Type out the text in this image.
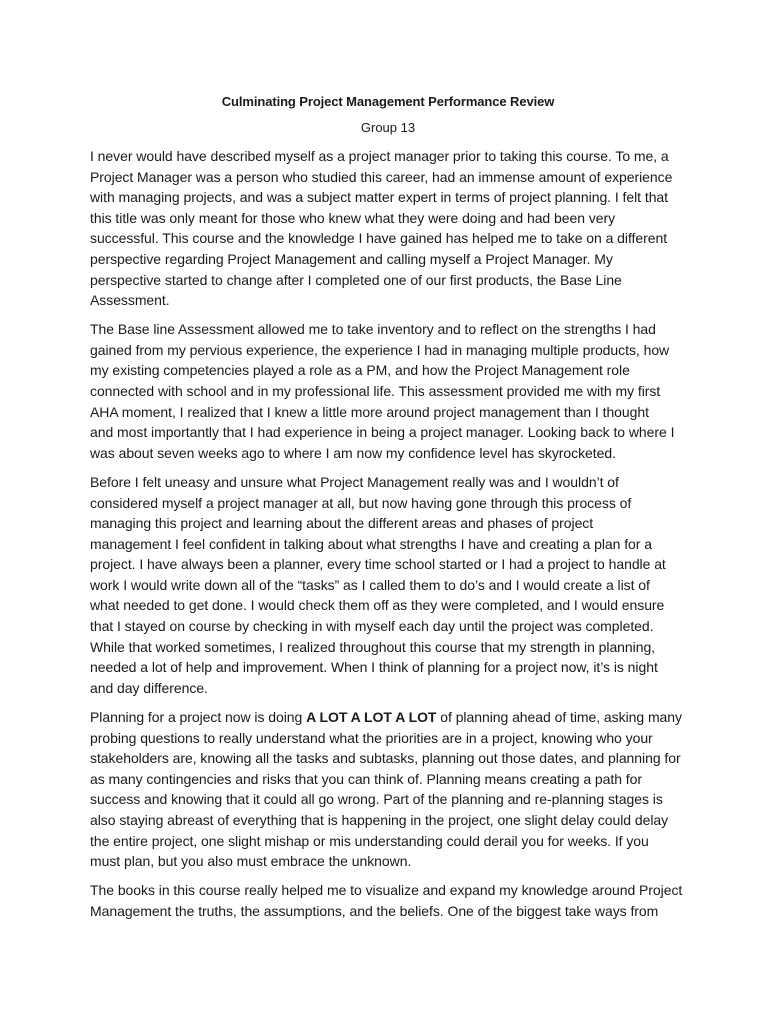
Culminating Project Management Performance Review
Group 13
I never would have described myself as a project manager prior to taking this course. To me, a
Project Manager was a person who studied this career, had an immense amount of experience
with managing projects, and was a subject matter expert in terms of project planning. I felt that
this title was only meant for those who knew what they were doing and had been very
successful. This course and the knowledge I have gained has helped me to take on a different
perspective regarding Project Management and calling myself a Project Manager. My
perspective started to change after I completed one of our first products, the Base Line
Assessment.
The Base line Assessment allowed me to take inventory and to reflect on the strengths I had
gained from my pervious experience, the experience I had in managing multiple products, how
my existing competencies played a role as a PM, and how the Project Management role
connected with school and in my professional life. This assessment provided me with my first
AHA moment, I realized that I knew a little more around project management than I thought
and most importantly that I had experience in being a project manager. Looking back to where I
was about seven weeks ago to where I am now my confidence level has skyrocketed.
Before I felt uneasy and unsure what Project Management really was and I wouldn’t of
considered myself a project manager at all, but now having gone through this process of
managing this project and learning about the different areas and phases of project
management I feel confident in talking about what strengths I have and creating a plan for a
project. I have always been a planner, every time school started or I had a project to handle at
work I would write down all of the “tasks” as I called them to do’s and I would create a list of
what needed to get done. I would check them off as they were completed, and I would ensure
that I stayed on course by checking in with myself each day until the project was completed.
While that worked sometimes, I realized throughout this course that my strength in planning,
needed a lot of help and improvement. When I think of planning for a project now, it’s is night
and day difference.
Planning for a project now is doing A LOT A LOT A LOT of planning ahead of time, asking many
probing questions to really understand what the priorities are in a project, knowing who your
stakeholders are, knowing all the tasks and subtasks, planning out those dates, and planning for
as many contingencies and risks that you can think of. Planning means creating a path for
success and knowing that it could all go wrong. Part of the planning and re-planning stages is
also staying abreast of everything that is happening in the project, one slight delay could delay
the entire project, one slight mishap or mis understanding could derail you for weeks. If you
must plan, but you also must embrace the unknown.
The books in this course really helped me to visualize and expand my knowledge around Project
Management the truths, the assumptions, and the beliefs. One of the biggest take ways from
